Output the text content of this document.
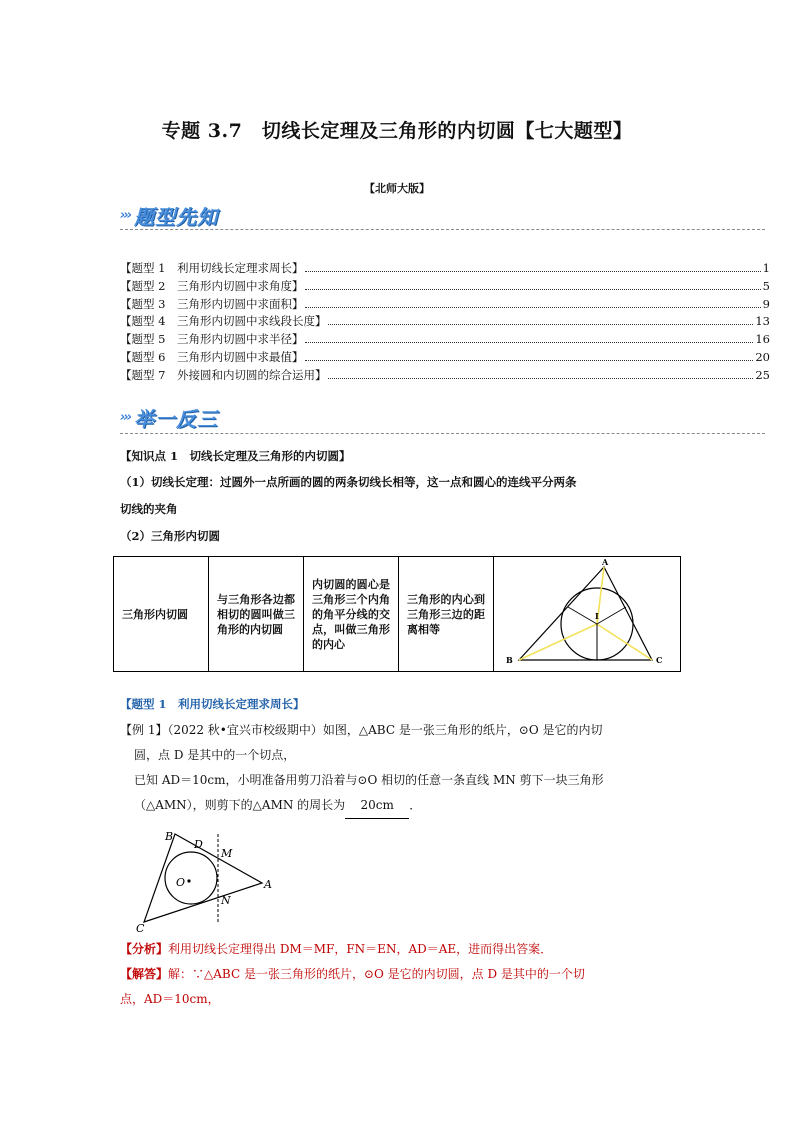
专题 3.7　切线长定理及三角形的内切圆【七大题型】
【北师大版】
››› 题型先知
【题型 1　利用切线长定理求周长】	1
【题型 2　三角形内切圆中求角度】	5
【题型 3　三角形内切圆中求面积】	9
【题型 4　三角形内切圆中求线段长度】	13
【题型 5　三角形内切圆中求半径】	16
【题型 6　三角形内切圆中求最值】	20
【题型 7　外接圆和内切圆的综合运用】	25
››› 举一反三
【知识点 1　切线长定理及三角形的内切圆】
（1）切线长定理：过圆外一点所画的圆的两条切线长相等，这一点和圆心的连线平分两条
切线的夹角
（2）三角形内切圆
三角形内切圆	与三角形各边都相切的圆叫做三角形的内切圆	内切圆的圆心是三角形三个内角的角平分线的交点，叫做三角形的内心	三角形的内心到三角形三边的距离相等	
A
B	C
I
【题型 1　利用切线长定理求周长】
【例 1】（2022 秋•宜兴市校级期中）如图，△ABC 是一张三角形的纸片，⊙O 是它的内切
圆，点 D 是其中的一个切点，
已知 AD＝10cm，小明准备用剪刀沿着与⊙O 相切的任意一条直线 MN 剪下一块三角形
（△AMN），则剪下的△AMN 的周长为 20cm ．
B
D
M
O	A
N
C
【分析】利用切线长定理得出 DM＝MF，FN＝EN，AD＝AE，进而得出答案．
【解答】解：∵△ABC 是一张三角形的纸片，⊙O 是它的内切圆，点 D 是其中的一个切
点，AD＝10cm，
